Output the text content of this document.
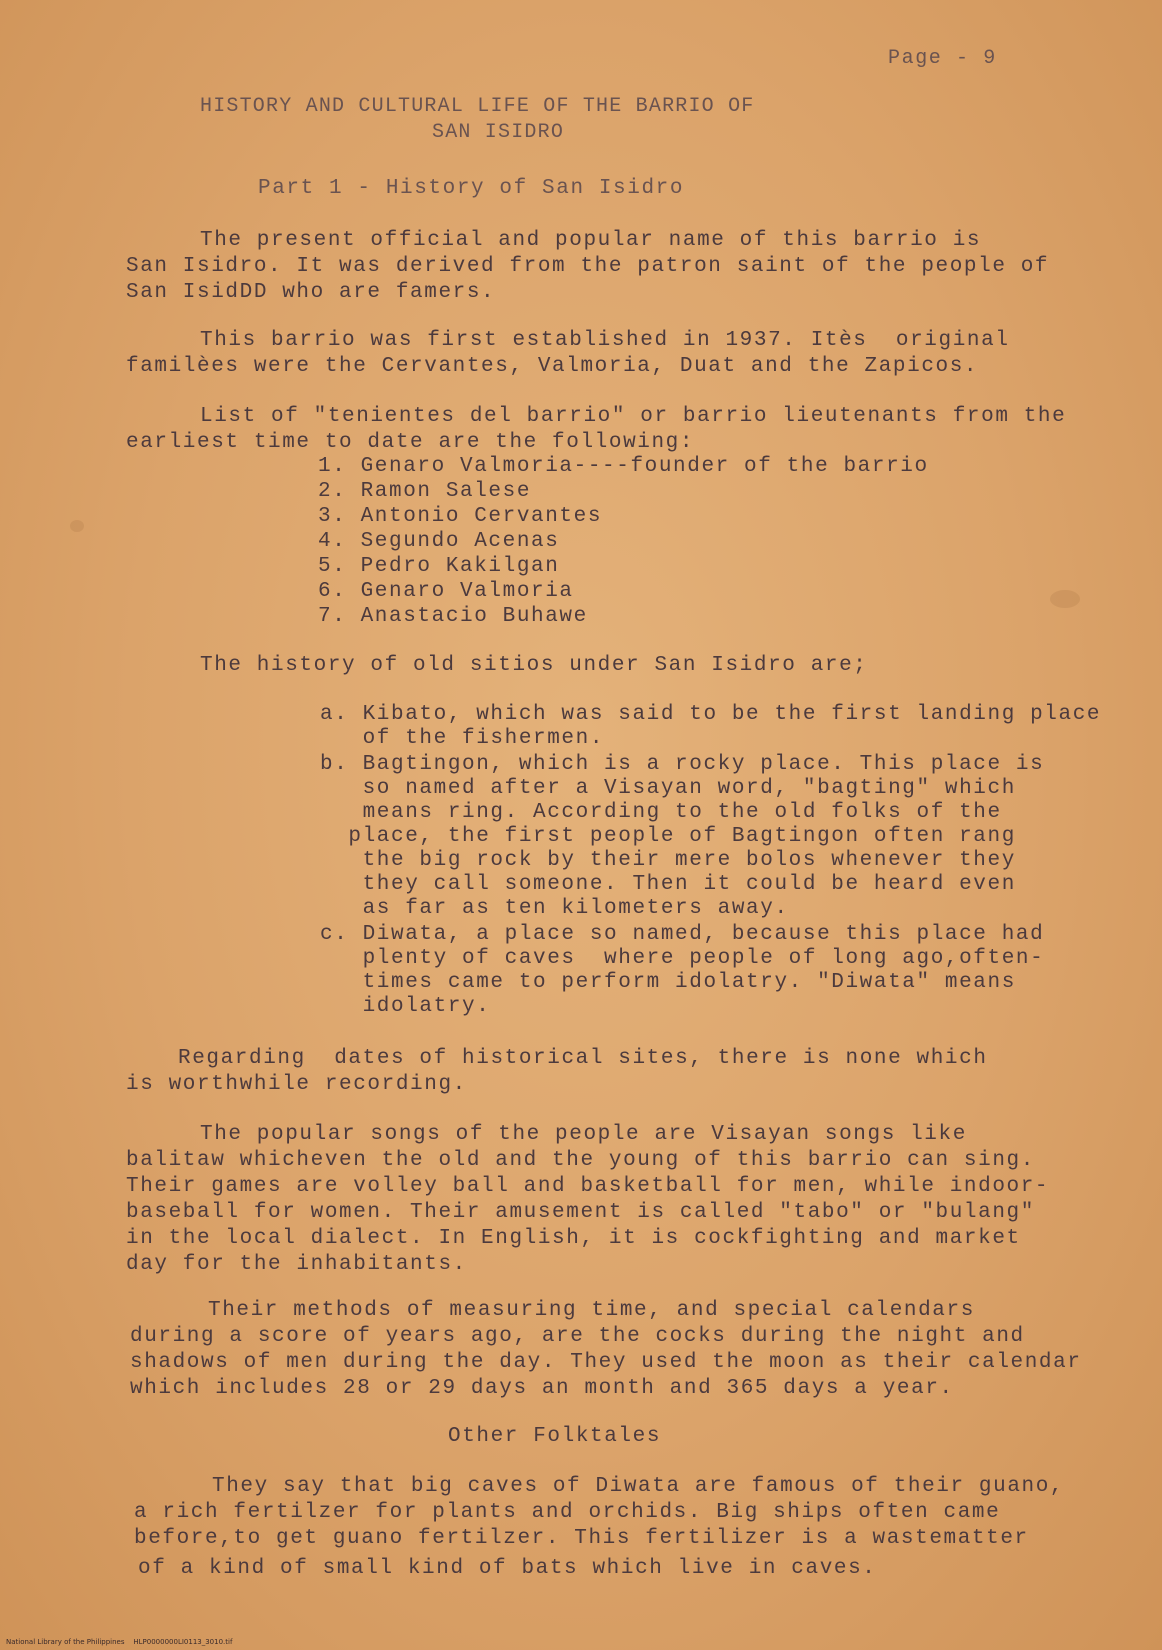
Page - 9
HISTORY AND CULTURAL LIFE OF THE BARRIO OF
SAN ISIDRO
Part 1 - History of San Isidro
The present official and popular name of this barrio is
San Isidro. It was derived from the patron saint of the people of
San IsidDD who are famers.
This barrio was first established in 1937. Itès  original
familèes were the Cervantes, Valmoria, Duat and the Zapicos.
List of "tenientes del barrio" or barrio lieutenants from the
earliest time to date are the following:
1. Genaro Valmoria----founder of the barrio
2. Ramon Salese
3. Antonio Cervantes
4. Segundo Acenas
5. Pedro Kakilgan
6. Genaro Valmoria
7. Anastacio Buhawe
The history of old sitios under San Isidro are;
a. Kibato, which was said to be the first landing place
of the fishermen.
b. Bagtingon, which is a rocky place. This place is
so named after a Visayan word, "bagting" which
means ring. According to the old folks of the
place, the first people of Bagtingon often rang
the big rock by their mere bolos whenever they
they call someone. Then it could be heard even
as far as ten kilometers away.
c. Diwata, a place so named, because this place had
plenty of caves  where people of long ago,often-
times came to perform idolatry. "Diwata" means
idolatry.
Regarding  dates of historical sites, there is none which
is worthwhile recording.
The popular songs of the people are Visayan songs like
balitaw whicheven the old and the young of this barrio can sing.
Their games are volley ball and basketball for men, while indoor-
baseball for women. Their amusement is called "tabo" or "bulang"
in the local dialect. In English, it is cockfighting and market
day for the inhabitants.
Their methods of measuring time, and special calendars
during a score of years ago, are the cocks during the night and
shadows of men during the day. They used the moon as their calendar
which includes 28 or 29 days an month and 365 days a year.
Other Folktales
They say that big caves of Diwata are famous of their guano,
a rich fertilzer for plants and orchids. Big ships often came
before,to get guano fertilzer. This fertilizer is a wastematter
of a kind of small kind of bats which live in caves.
National Library of the Philippines    HLP0000000LI0113_3010.tif
